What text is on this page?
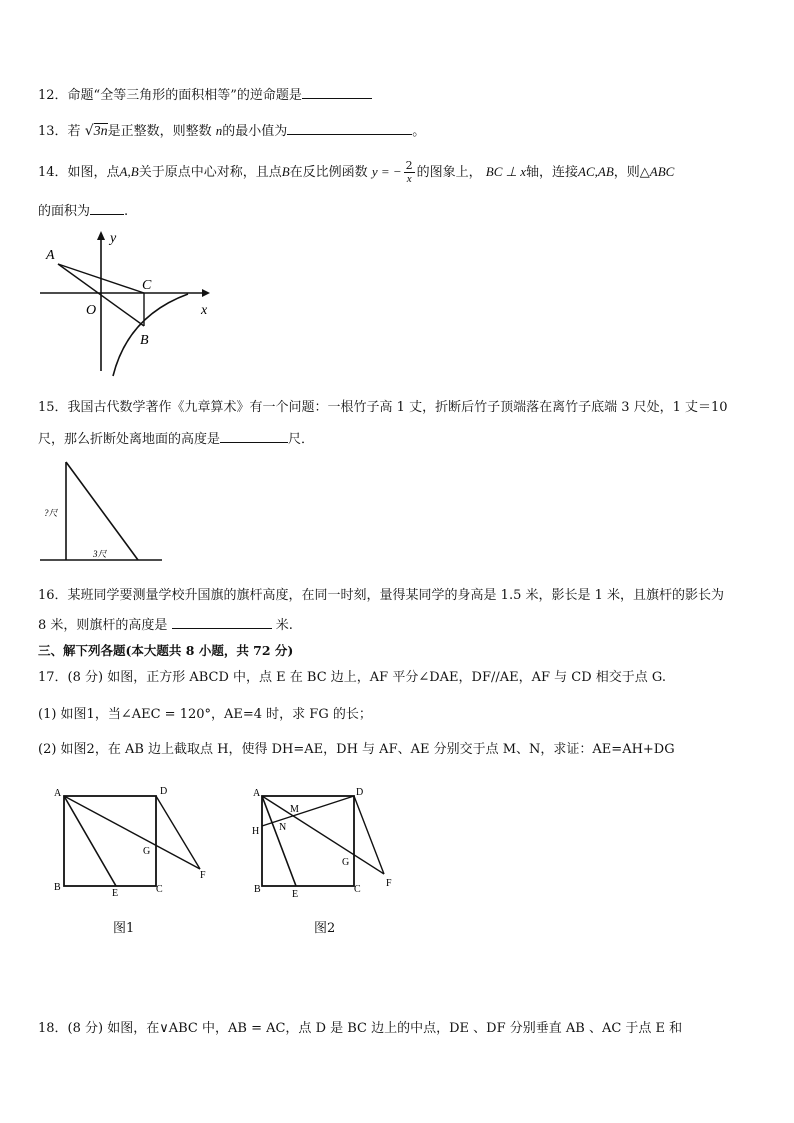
12．命题“全等三角形的面积相等”的逆命题是
13．若 √3n是正整数，则整数 n的最小值为	。
14．如图，点A,B关于原点中心对称，且点B在反比例函数 y = − $\frac{2}{x}$ 的图象上， BC ⊥ x轴，连接AC,AB，则△ABC
的面积为	.
A
C
O
B
x
y
15．我国古代数学著作《九章算术》有一个问题：一根竹子高 1 丈，折断后竹子顶端落在离竹子底端 3 尺处，1 丈＝10
尺，那么折断处离地面的高度是	尺．
?尺
3尺
16．某班同学要测量学校升国旗的旗杆高度，在同一时刻，量得某同学的身高是 1.5 米，影长是 1 米，且旗杆的影长为
8 米，则旗杆的高度是	米.
三、解下列各题(本大题共 8 小题，共 72 分)
17．(8 分) 如图，正方形 ABCD 中，点 E 在 BC 边上，AF 平分∠DAE，DF//AE，AF 与 CD 相交于点 G.
(1) 如图1，当∠AEC = 120°，AE=4 时，求 FG 的长；
(2) 如图2，在 AB 边上截取点 H，使得 DH=AE，DH 与 AF、AE 分别交于点 M、N，求证：AE=AH+DG
A	D
B
E	C
G
F
图1
A	D
H
M
N
G
B	E	C
F
图2
18．(8 分) 如图，在∨ABC 中，AB = AC，点 D 是 BC 边上的中点，DE 、DF 分别垂直 AB 、AC 于点 E 和
